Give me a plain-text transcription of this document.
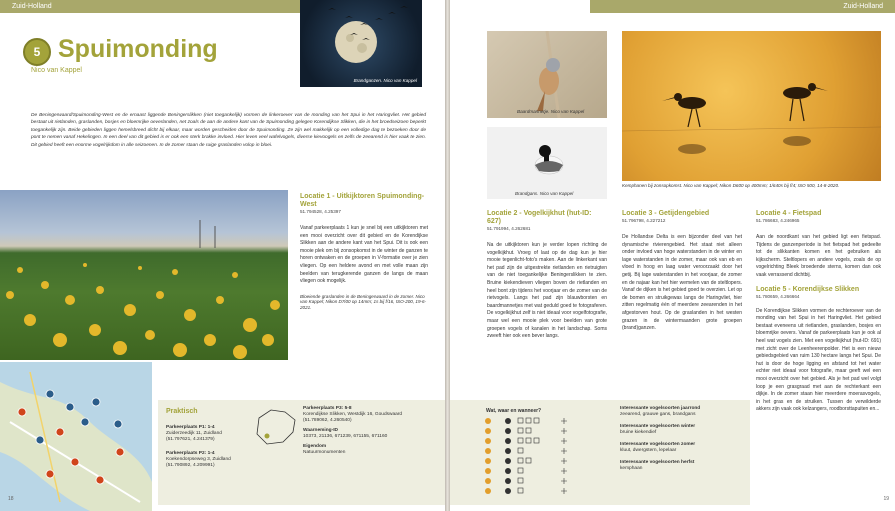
Zuid-Holland
Brandganzen. Nico van Kappel
5 Spuimonding
Nico van Kappel

De Beningerwaard/Spuimonding-West en de ernaast liggende Beningerslikken (niet toegankelijk) vormen de linkeroever van de monding van het Spui in het Haringvliet. Het gebied bestaat uit rietlanden, graslanden, bosjes en bloemrijke oeverlanden, net zoals de aan de andere kant van de Spuimonding gelegen Korendijkse Slikken, die in het broedseizoen beperkt toegankelijk zijn. Beide gebieden liggen hemelsbreed dicht bij elkaar, maar worden gescheiden door de Spuimonding. Ze zijn wel makkelijk op een volledige dag te bezoeken door de pont te nemen vanaf Hekelingen. In een deel van dit gebied is er ook een sterk brakke invloed. Hier leven veel wafelvogels, diverse kievoogels en zelfs de zeearend is hier vaak te zien. Dit gebied heeft een enorme vogelrijkdom in alle seizoenen. In de zomer staan de ruige graslanden volop in bloei.

Locatie 1 - Uitkijktoren Spuimonding-West
51.794528, 4.25397

Vanaf parkeerplaats 1 kun je snel bij een uitkijktoren met een mooi overzicht over dit gebied en de Korendijkse Slikken aan de andere kant van het Spui. Dit is ook een mooie plek om bij zonsopkomst in de winter de ganzen te horen ontwaken en de groepen in V-formatie over je zien vliegen. Op een heldere avond en met volle maan zijn beelden van terugkerende ganzen de langs de maan vliegen ook mogelijk.

Bloeiende graslanden in de Beningerwaard in de zomer. Nico van Kappel; Nikon D7i00 op 14mm; 1s bij f/16, ISO-200, 19-6-2021.
Praktisch
Parkeerplaats P1: 1-4
Zuiderzeedijk 11, Zuidland
(51.797621, 4.241379)
Parkeerplaats P2: 1-4
Koekendorpseweg 3, Zuidland
(51.790892, 4.209991)
Parkeerplaats P3: 5-8
Korendijkse Slikken, Westdijk 16, Goudswaard
(51.789062, 4.260540)
Waarneming-ID
10373, 21136, 671239, 671155, 671160
Eigendom
Natuurmonumenten
18
Zuid-Holland
Baardmannetje. Nico van Kappel
Brandgans. Nico van Kappel
Kemphanen bij zonsopkomst. Nico van Kappel; Nikon D600 op 400mm; 1/640s bij f/4; ISO 500, 14-8-2020.
Locatie 2 - Vogelkijkhut (hut-ID: 627)
51.791994, 4.262681

Na de uitkijktoren kun je verder lopen richting de vogelkijkhut. Vroeg of laat op de dag kun je hier mooie tegenlicht-foto's maken. Aan de linkerkant van het pad zijn de uitgestrekte rietlanden en rietruigten van de niet toegankelijke Beningerslikken te zien. Bruine kiekendieven vliegen boven de rietlanden en heel bont zijn tijdens het voorjaar en de zomer van de rietvogels. Langs het pad zijn blauwborsten en baardmannetjes met wat geduld goed te fotograferen. De vogelkijkhut zelf is niet ideaal voor vogelfotografie, maar wel een mooie plek voor beelden van grote groepen vogels of kanalen in het landschap. Soms zweeft hier ook een bever langs.

Locatie 3 - Getijdengebied
51.796798, 4.227212

De Hollandse Delta is een bijzonder deel van het dynamische rivierengebied. Het staat niet alleen onder invloed van hoge waterstanden in de winter en lage waterstanden in de zomer, maar ook van eb en vloed in hoog en laag water veroorzaakt door het getij. Bij lage waterstanden in het voorjaar, de zomer en de najaar kan het hier wemelen van de steltlopers. Vanaf de dijken is het gebied goed te overzien. Let op de bomen en struikgewas langs de Haringvliet, hier zitten regelmatig één of meerdere zeearenden in het afgestorven hout. Op de graslanden in het westen grazen in de wintermaanden grote groepen (brand)ganzen.

Locatie 4 - Fietspad
51.786683, 4.246965

Aan de noordkant van het gebied ligt een fietspad. Tijdens de ganzenperiode is het fietspad het gedeelte tot de slikkanten komen en het gebruiken als kijkscherm. Steltlopers en andere vogels, zoals de op vogelrichting Bleek broedende sterns, komen dan ook vaak verrassend dichtbij.

Locatie 5 - Korendijkse Slikken
51.780659, 4.266664

De Korendijkse Slikken vormen de rechteroever van de monding van het Spui in het Haringvliet. Het gebied bestaat eveneens uit rietlanden, graslanden, bosjes en bloemrijke oevers. Vanaf de parkeerplaats kun je ook al heel wat vogels zien. Met een vogelkijkhut (hut-ID: 691) met zicht over de Leenheerenpolder. Het is een nieuw gebiedsgebied van ruim 130 hectare langs het Spui. De hut is door de hoge ligging en afstand tot het water echter niet ideaal voor fotografie, maar geeft wel een mooi overzicht over het gebied. Als je het pad wel volgt loop je een grasgraad met aan de rechterkant een dijkje. In de zomer staan hier meerdere moerasvogels, in het gras en de struiken. Tussen de verwilderde akkers zijn vaak ook kelzangers, roodborsttapuiten en...

Wat, waar en wanneer?	Interessante vogelsoorten jaarrond
zeearend, grauwe gans, brandgans
Interessante vogelsoorten winter
bruine kiekendief
Interessante vogelsoorten zomer
kluut, dwergstern, lepelaar
Interessante vogelsoorten herfst
kemphaan
19
